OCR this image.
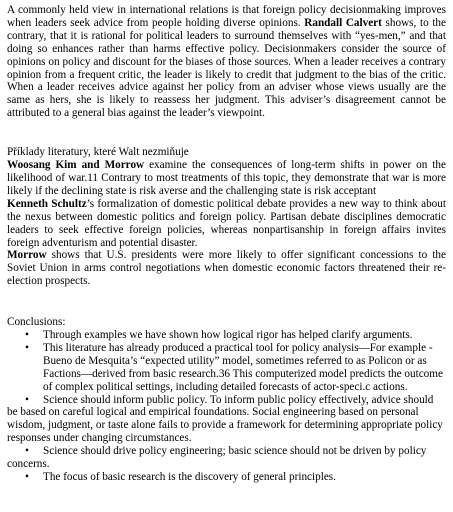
A commonly held view in international relations is that foreign policy decisionmaking improves when leaders seek advice from people holding diverse opinions. Randall Calvert shows, to the contrary, that it is rational for political leaders to surround themselves with “yes-men,” and that doing so enhances rather than harms effective policy. Decisionmakers consider the source of opinions on policy and discount for the biases of those sources. When a leader receives a contrary opinion from a frequent critic, the leader is likely to credit that judgment to the bias of the critic. When a leader receives advice against her policy from an adviser whose views usually are the same as hers, she is likely to reassess her judgment. This adviser’s disagreement cannot be attributed to a general bias against the leader’s viewpoint.

Příklady literatury, které Walt nezmiňuje

Woosang Kim and Morrow examine the consequences of long-term shifts in power on the likelihood of war.11 Contrary to most treatments of this topic, they demonstrate that war is more likely if the declining state is risk averse and the challenging state is risk acceptant

Kenneth Schultz’s formalization of domestic political debate provides a new way to think about the nexus between domestic politics and foreign policy. Partisan debate disciplines democratic leaders to seek effective foreign policies, whereas nonpartisanship in foreign affairs invites foreign adventurism and potential disaster.

Morrow shows that U.S. presidents were more likely to offer significant concessions to the Soviet Union in arms control negotiations when domestic economic factors threatened their re-election prospects.

Conclusions:
• Through examples we have shown how logical rigor has helped clarify arguments.
• This literature has already produced a practical tool for policy analysis—For example - Bueno de Mesquita’s “expected utility” model, sometimes referred to as Policon or as Factions—derived from basic research.36 This computerized model predicts the outcome of complex political settings, including detailed forecasts of actor-speci.c actions.
• Science should inform public policy. To inform public policy effectively, advice should be based on careful logical and empirical foundations. Social engineering based on personal wisdom, judgment, or taste alone fails to provide a framework for determining appropriate policy responses under changing circumstances.
• Science should drive policy engineering; basic science should not be driven by policy concerns.
• The focus of basic research is the discovery of general principles.
